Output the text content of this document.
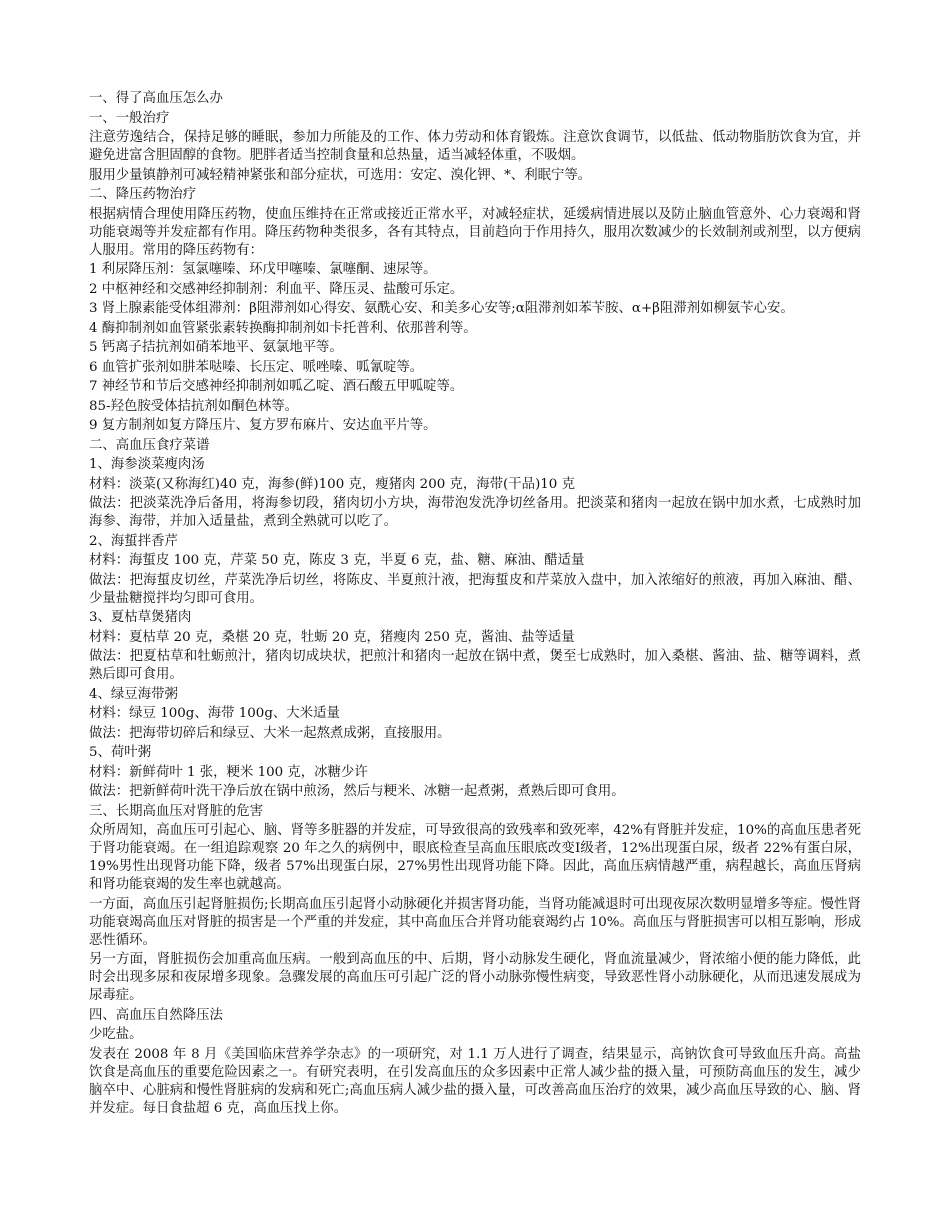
一、得了高血压怎么办

一、一般治疗

注意劳逸结合，保持足够的睡眠，参加力所能及的工作、体力劳动和体育锻炼。注意饮食调节，以低盐、低动物脂肪饮食为宜，并避免进富含胆固醇的食物。肥胖者适当控制食量和总热量，适当减轻体重，不吸烟。

服用少量镇静剂可减轻精神紧张和部分症状，可选用：安定、溴化钾、*、利眠宁等。

二、降压药物治疗

根据病情合理使用降压药物，使血压维持在正常或接近正常水平，对减轻症状，延缓病情进展以及防止脑血管意外、心力衰竭和肾功能衰竭等并发症都有作用。降压药物种类很多，各有其特点，目前趋向于作用持久，服用次数减少的长效制剂或剂型，以方便病人服用。常用的降压药物有：

1 利尿降压剂：氢氯噻嗪、环戊甲噻嗪、氯噻酮、速尿等。

2 中枢神经和交感神经抑制剂：利血平、降压灵、盐酸可乐定。

3 肾上腺素能受体组滞剂：β阻滞剂如心得安、氨酰心安、和美多心安等;α阻滞剂如苯苄胺、α+β阻滞剂如柳氨苄心安。

4 酶抑制剂如血管紧张素转换酶抑制剂如卡托普利、依那普利等。

5 钙离子拮抗剂如硝苯地平、氨氯地平等。

6 血管扩张剂如肼苯哒嗪、长压定、哌唑嗪、呱氰啶等。

7 神经节和节后交感神经抑制剂如呱乙啶、酒石酸五甲呱啶等。

85-羟色胺受体拮抗剂如酮色林等。

9 复方制剂如复方降压片、复方罗布麻片、安达血平片等。

二、高血压食疗菜谱

1、海参淡菜瘦肉汤

材料：淡菜(又称海红)40 克，海参(鲜)100 克，瘦猪肉 200 克，海带(干品)10 克

做法：把淡菜洗净后备用，将海参切段，猪肉切小方块，海带泡发洗净切丝备用。把淡菜和猪肉一起放在锅中加水煮，七成熟时加海参、海带，并加入适量盐，煮到全熟就可以吃了。

2、海蜇拌香芹

材料：海蜇皮 100 克，芹菜 50 克，陈皮 3 克，半夏 6 克，盐、糖、麻油、醋适量

做法：把海蜇皮切丝，芹菜洗净后切丝，将陈皮、半夏煎汁液，把海蜇皮和芹菜放入盘中，加入浓缩好的煎液，再加入麻油、醋、少量盐糖搅拌均匀即可食用。

3、夏枯草煲猪肉

材料：夏枯草 20 克，桑椹 20 克，牡蛎 20 克，猪瘦肉 250 克，酱油、盐等适量

做法：把夏枯草和牡蛎煎汁，猪肉切成块状，把煎汁和猪肉一起放在锅中煮，煲至七成熟时，加入桑椹、酱油、盐、糖等调料，煮熟后即可食用。

4、绿豆海带粥

材料：绿豆 100g、海带 100g、大米适量

做法：把海带切碎后和绿豆、大米一起熬煮成粥，直接服用。

5、荷叶粥

材料：新鲜荷叶 1 张，粳米 100 克，冰糖少许

做法：把新鲜荷叶洗干净后放在锅中煎汤，然后与粳米、冰糖一起煮粥，煮熟后即可食用。

三、长期高血压对肾脏的危害

众所周知，高血压可引起心、脑、肾等多脏器的并发症，可导致很高的致残率和致死率，42%有肾脏并发症，10%的高血压患者死于肾功能衰竭。在一组追踪观察 20 年之久的病例中，眼底检查呈高血压眼底改变Ⅰ级者，12%出现蛋白尿，级者 22%有蛋白尿，19%男性出现肾功能下降，级者 57%出现蛋白尿，27%男性出现肾功能下降。因此，高血压病情越严重，病程越长，高血压肾病和肾功能衰竭的发生率也就越高。

一方面，高血压引起肾脏损伤;长期高血压引起肾小动脉硬化并损害肾功能，当肾功能减退时可出现夜尿次数明显增多等症。慢性肾功能衰竭高血压对肾脏的损害是一个严重的并发症，其中高血压合并肾功能衰竭约占 10%。高血压与肾脏损害可以相互影响，形成恶性循环。

另一方面，肾脏损伤会加重高血压病。一般到高血压的中、后期，肾小动脉发生硬化，肾血流量减少，肾浓缩小便的能力降低，此时会出现多尿和夜尿增多现象。急骤发展的高血压可引起广泛的肾小动脉弥慢性病变，导致恶性肾小动脉硬化，从而迅速发展成为尿毒症。

四、高血压自然降压法

少吃盐。

发表在 2008 年 8 月《美国临床营养学杂志》的一项研究，对 1.1 万人进行了调查，结果显示，高钠饮食可导致血压升高。高盐饮食是高血压的重要危险因素之一。有研究表明，在引发高血压的众多因素中正常人减少盐的摄入量，可预防高血压的发生，减少脑卒中、心脏病和慢性肾脏病的发病和死亡;高血压病人减少盐的摄入量，可改善高血压治疗的效果，减少高血压导致的心、脑、肾并发症。每日食盐超 6 克，高血压找上你。
